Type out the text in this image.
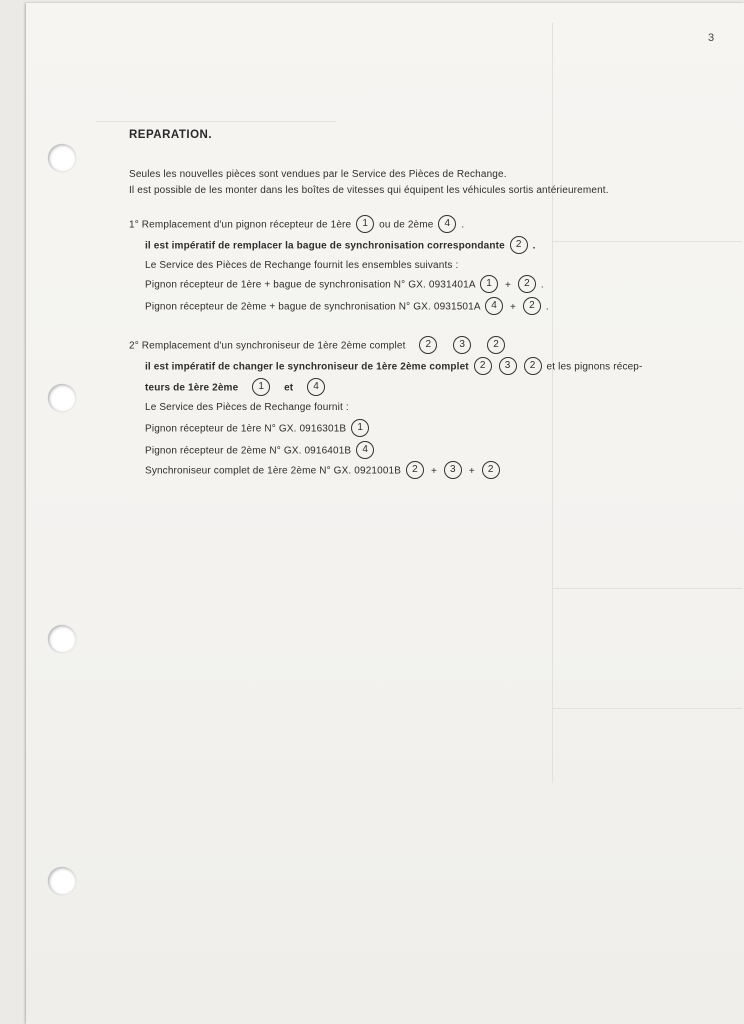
3
REPARATION.
Seules les nouvelles pièces sont vendues par le Service des Pièces de Rechange.
Il est possible de les monter dans les boîtes de vitesses qui équipent les véhicules sortis antérieurement.
1° Remplacement d'un pignon récepteur de 1ère 1 ou de 2ème 4 .
il est impératif de remplacer la bague de synchronisation correspondante 2 .
Le Service des Pièces de Rechange fournit les ensembles suivants :
Pignon récepteur de 1ère + bague de synchronisation N° GX. 0931401A 1 + 2 .
Pignon récepteur de 2ème + bague de synchronisation N° GX. 0931501A 4 + 2 .
2° Remplacement d'un synchroniseur de 1ère 2ème complet 2	3	2
il est impératif de changer le synchroniseur de 1ère 2ème complet 2 3 2 et les pignons récep-
teurs de 1ère 2ème 1 et 4
Le Service des Pièces de Rechange fournit :
Pignon récepteur de 1ère N° GX. 0916301B 1
Pignon récepteur de 2ème N° GX. 0916401B 4
Synchroniseur complet de 1ère 2ème N° GX. 0921001B 2 + 3 + 2
